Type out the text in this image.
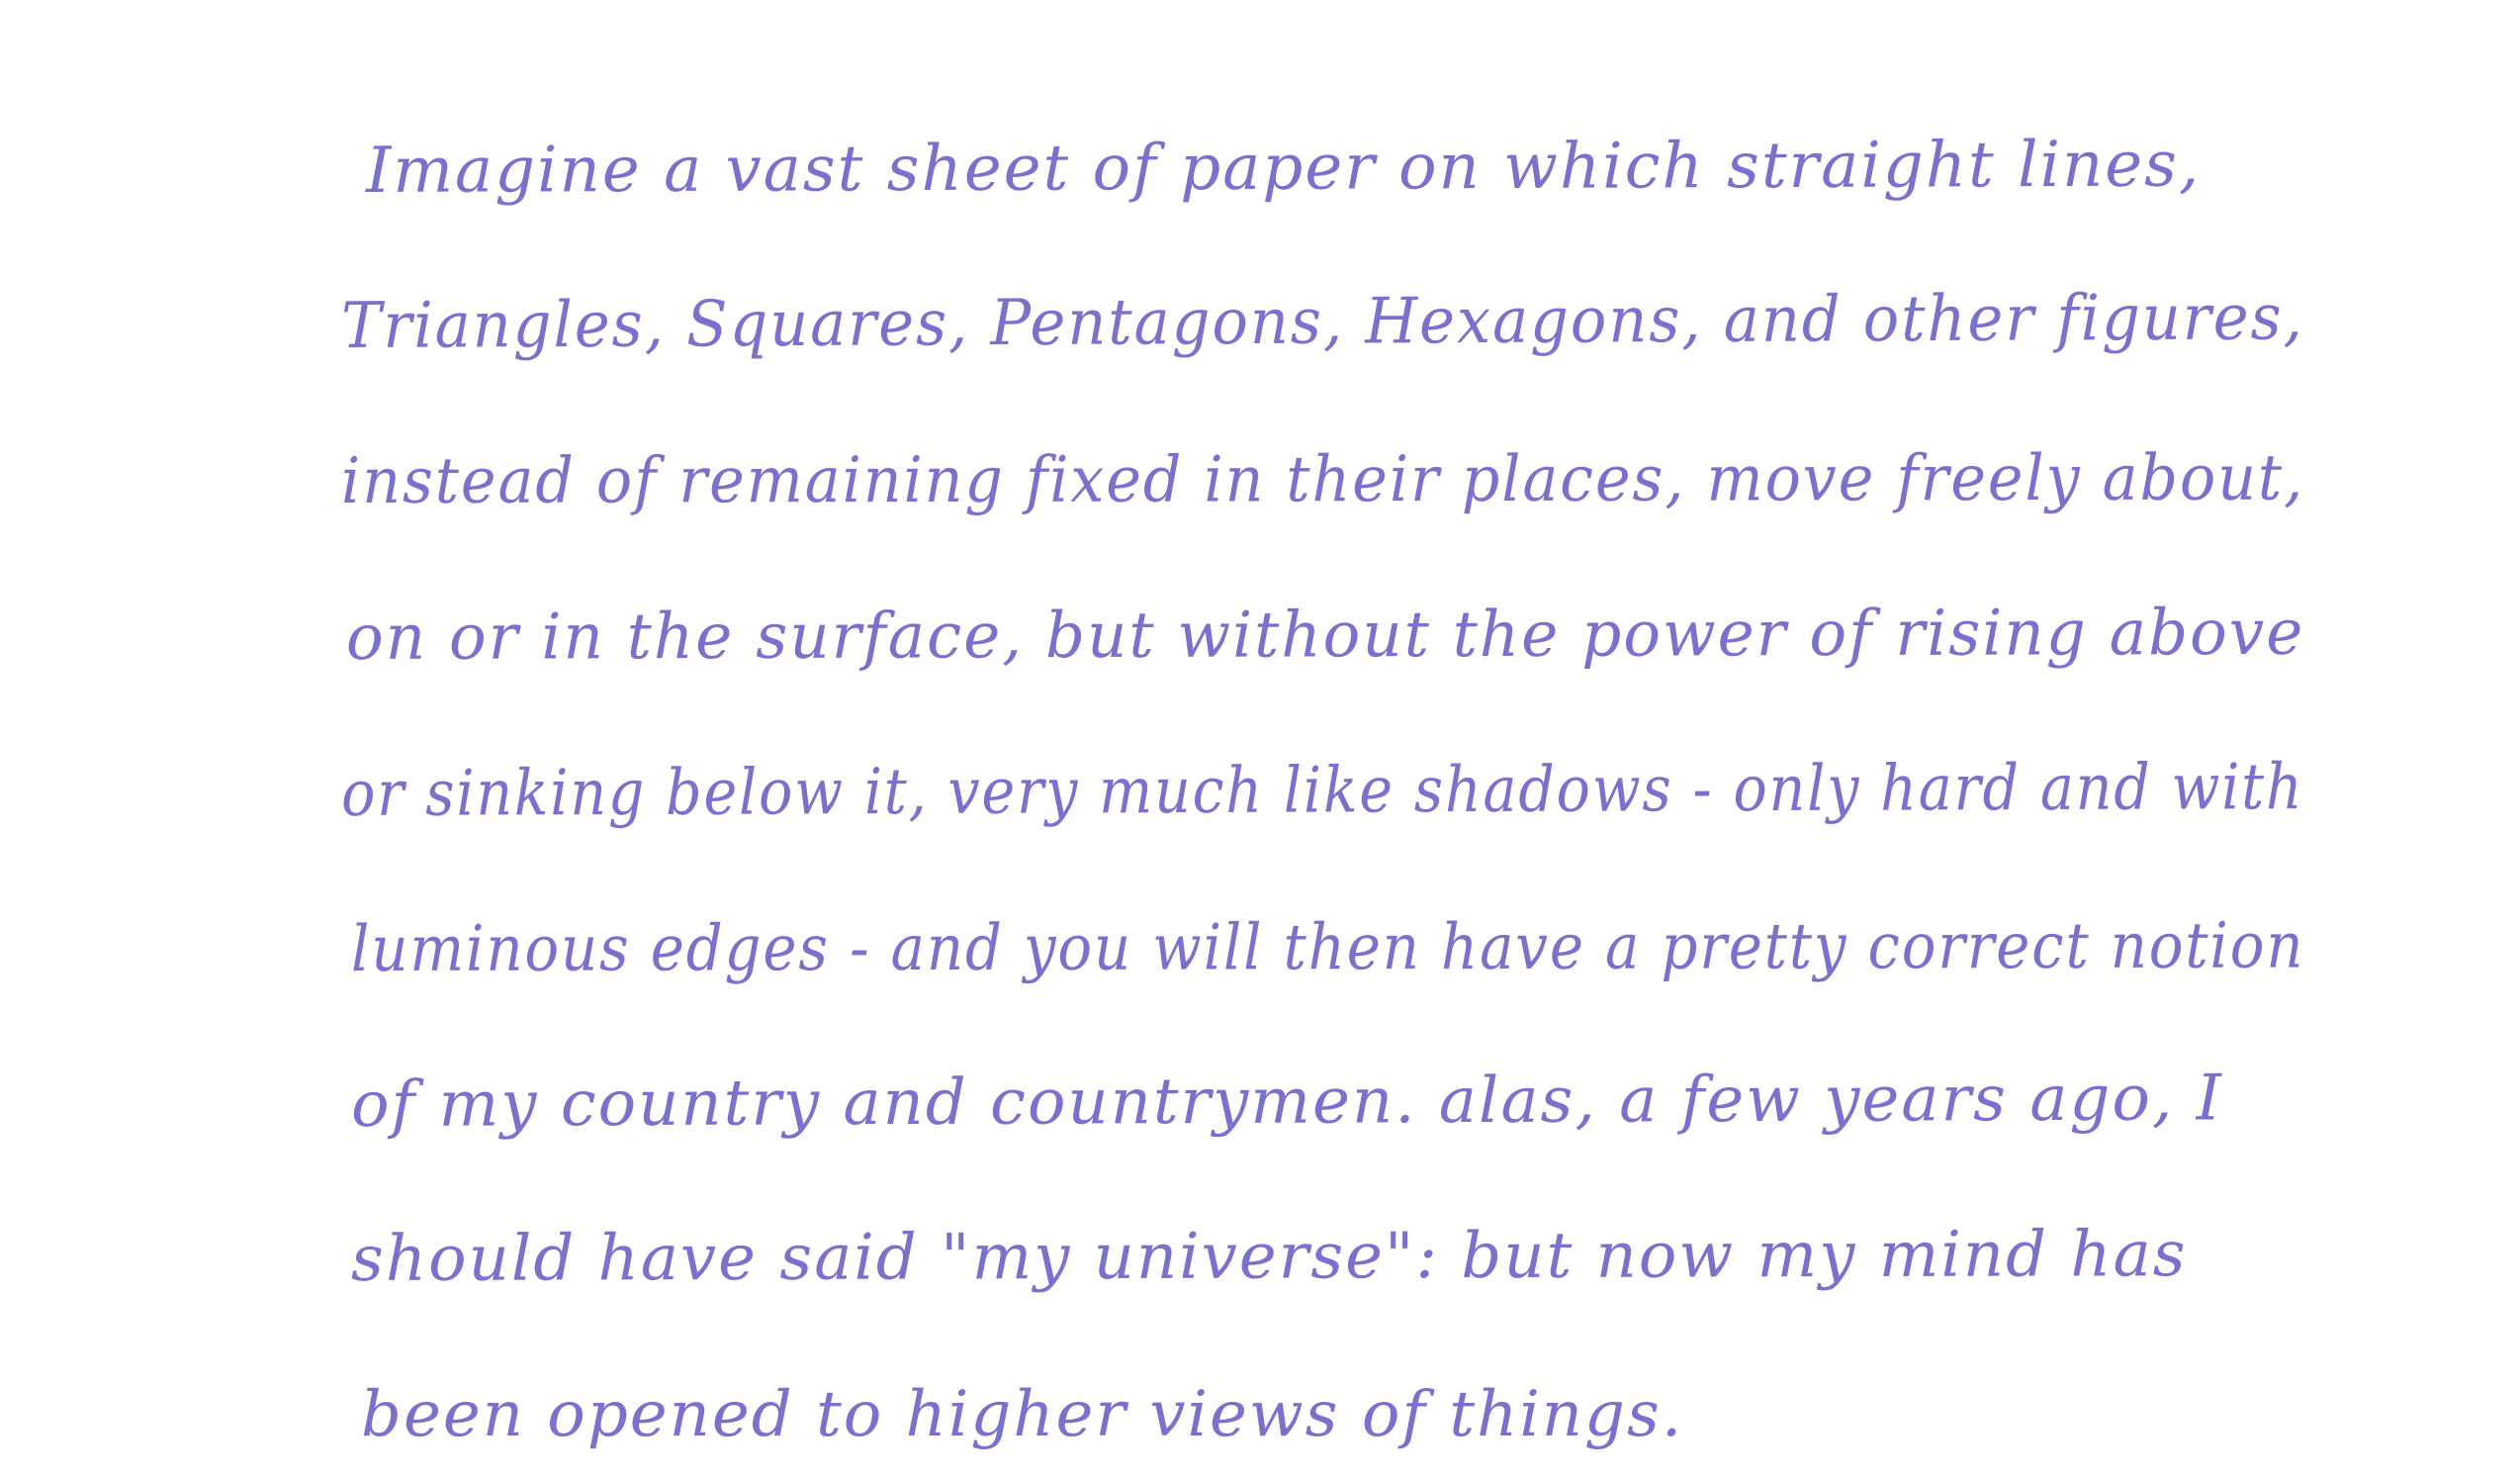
Imagine a vast sheet of paper on which straight lines,
Triangles, Squares, Pentagons, Hexagons, and other figures,
instead of remaining fixed in their places, move freely about,
on or in the surface, but without the power of rising above
or sinking below it, very much like shadows - only hard and with
luminous edges - and you will then have a pretty correct notion
of my country and countrymen. alas, a few years ago, I
should have said "my universe": but now my mind has
been opened to higher views of things.
